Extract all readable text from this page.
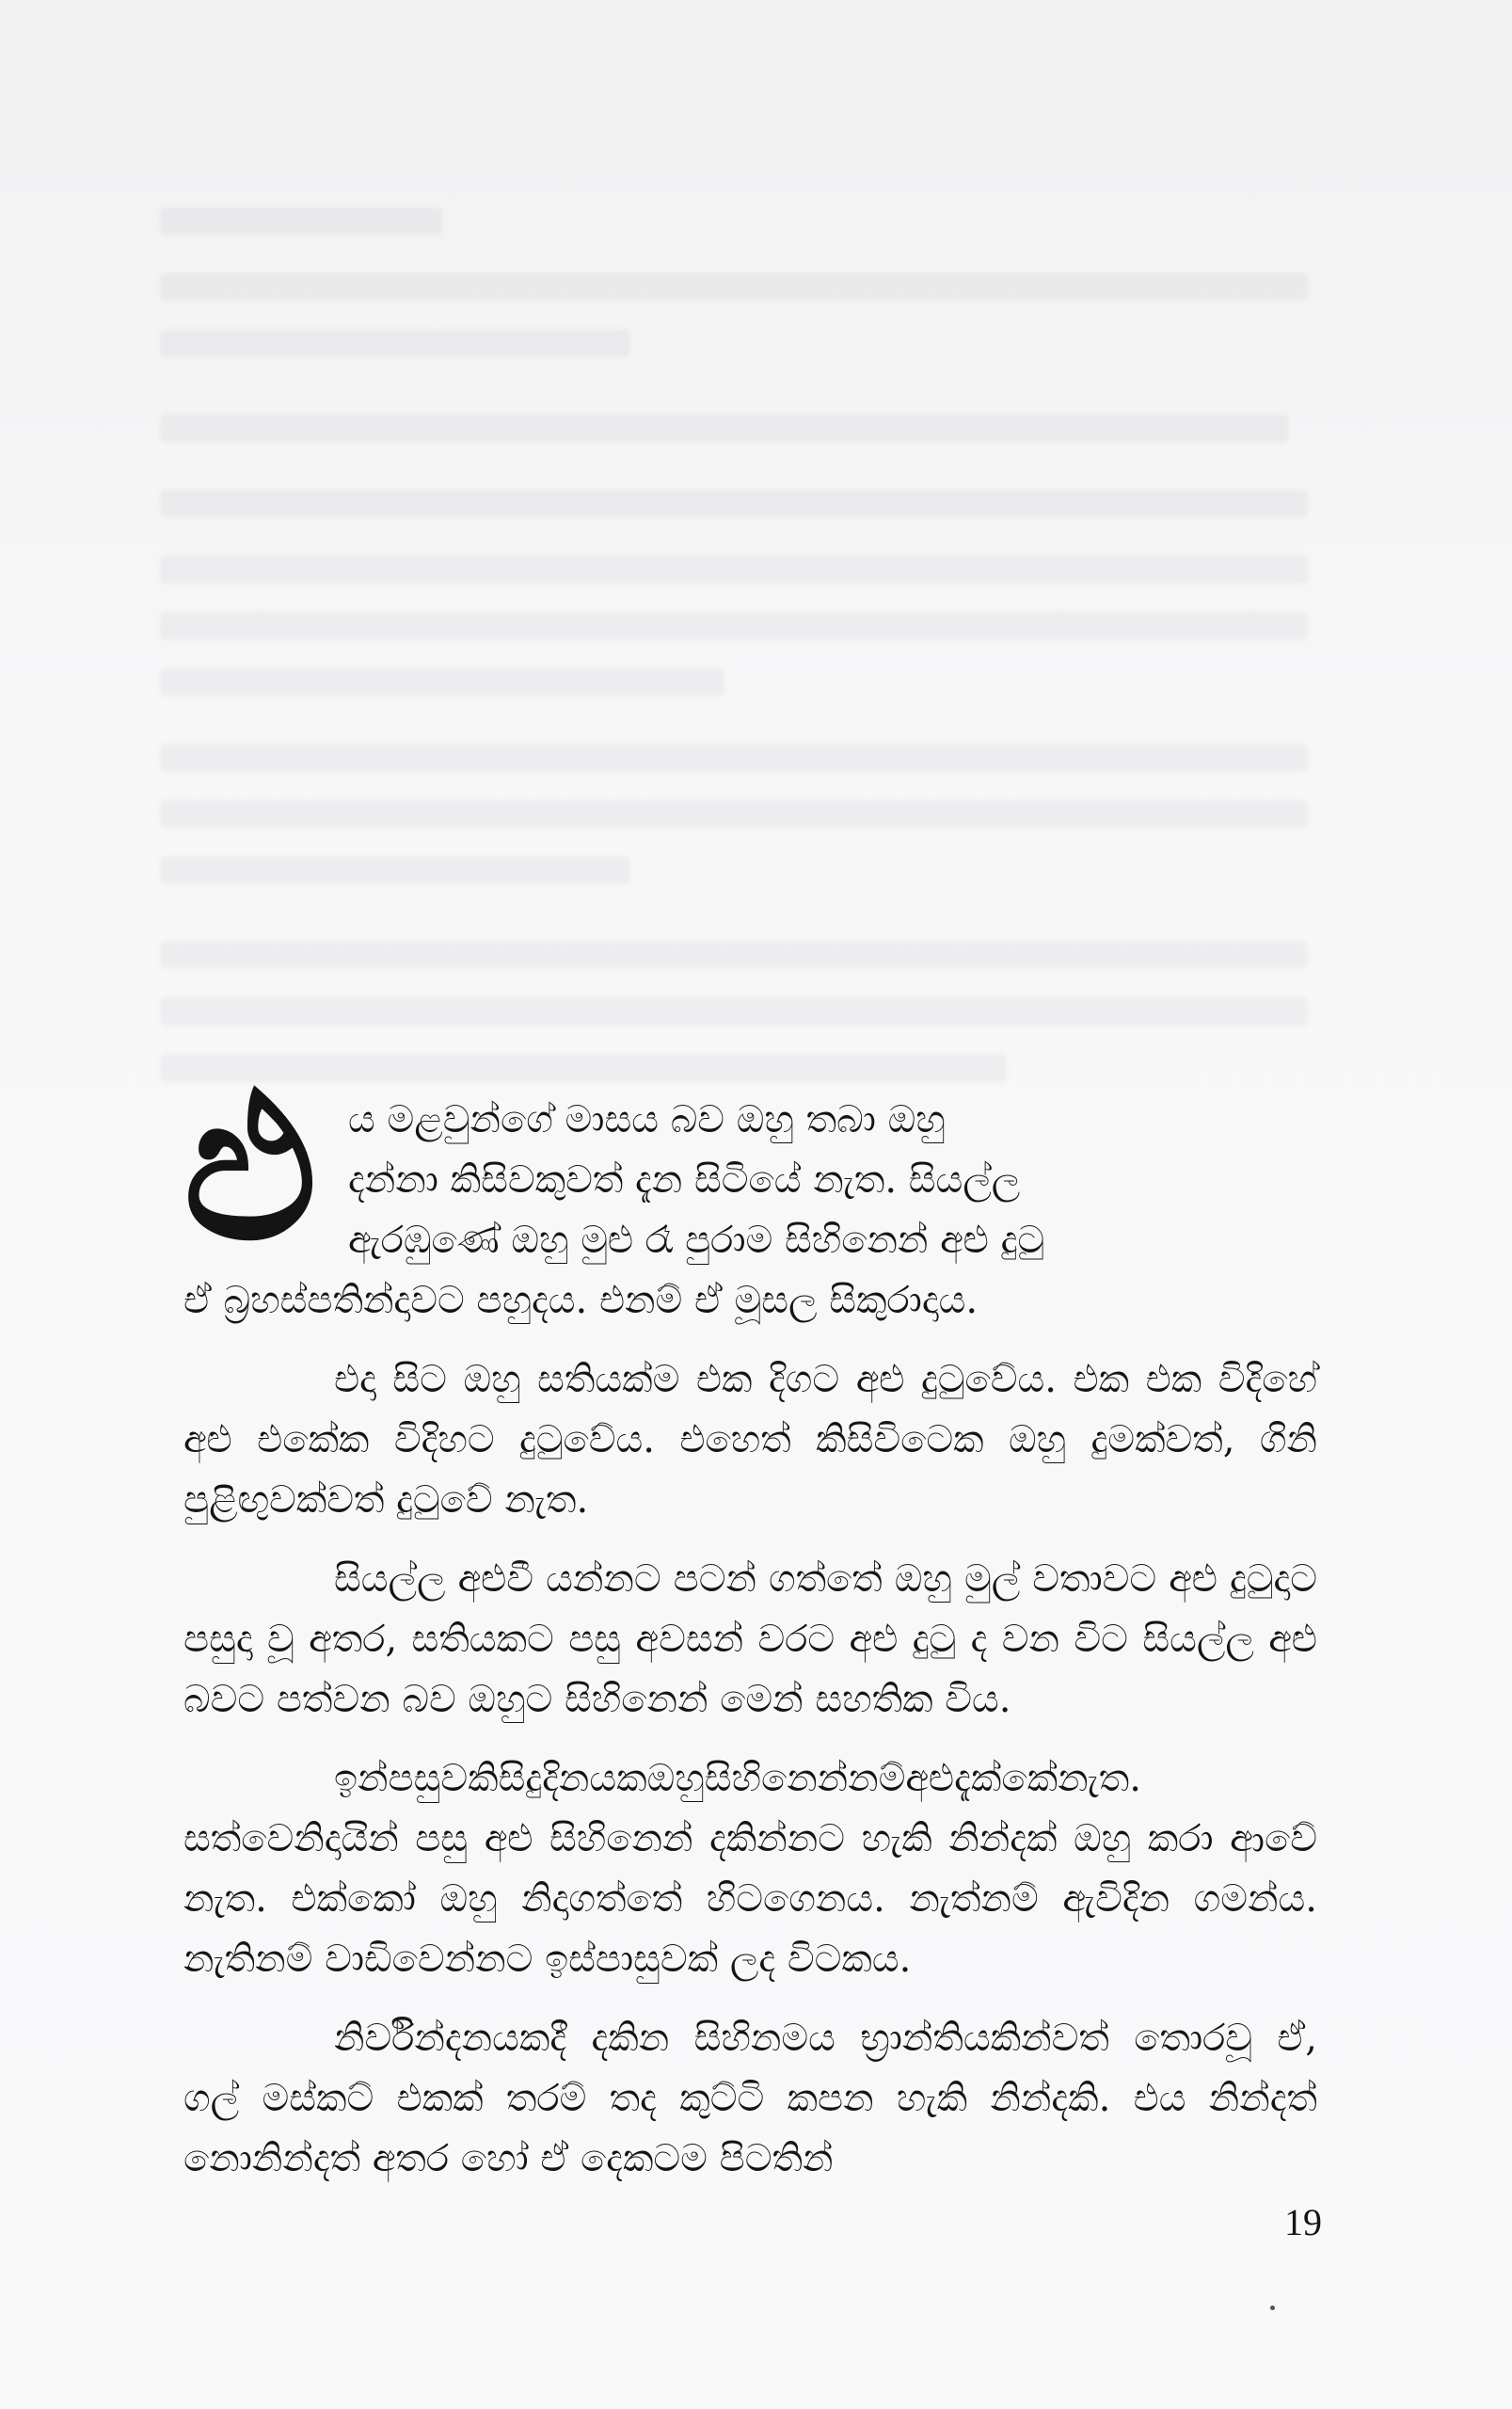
ඵ ය මළවුන්ගේ මාසය බව ඔහු තබා ඔහු
දන්නා කිසිවකුවත් දැන සිටියේ නැත. සියල්ල
ඇරඹුණේ ඔහු මුළු රෑ පුරාම සිහිනෙන් අළු දුටු
ඒ බ්‍රහස්පතින්දාවට පහුදය. එනම් ඒ මූසල සිකුරාදාය.

එදා සිට ඔහු සතියක්ම එක දිගට අළු දුටුවේය. එක එක විදිහේ අළු එකේක විදිහට දුටුවේය. එහෙත් කිසිවිටෙක ඔහු දුමක්වත්, ගිනි පුළිඟුවක්වත් දුටුවේ නැත.

සියල්ල අළුවී යන්නට පටන් ගත්තේ ඔහු මුල් වතාවට අළු දුටුදාට පසුදා වූ අතර, සතියකට පසු අවසන් වරට අළු දුටු ද වන විට සියල්ල අළු බවට පත්වන බව ඔහුට සිහිනෙන් මෙන් සහතික විය.

ඉන්පසුවකිසිදුදිනයකඔහුසිහිනෙන්නම්අළුදැක්කේනැත. සත්වෙනිදායින් පසු අළු සිහිනෙන් දකින්නට හැකි නින්දක් ඔහු කරා ආවේ නැත. එක්කෝ ඔහු නිදාගත්තේ හිටගෙනය. නැත්නම් ඇවිදින ගමන්ය. නැතිනම් වාඩිවෙන්නට ඉස්පාසුවක් ලද විටකය.

නිර්වින්දනයකදී දකින සිහිනමය භ්‍රාන්තියකින්වත් තොරවූ ඒ, ගල් මස්කට් එකක් තරම් තද කුට්ටි කපන හැකි නින්දකි. එය නින්දත් නොනින්දත් අතර හෝ ඒ දෙකටම පිටතින්

19
